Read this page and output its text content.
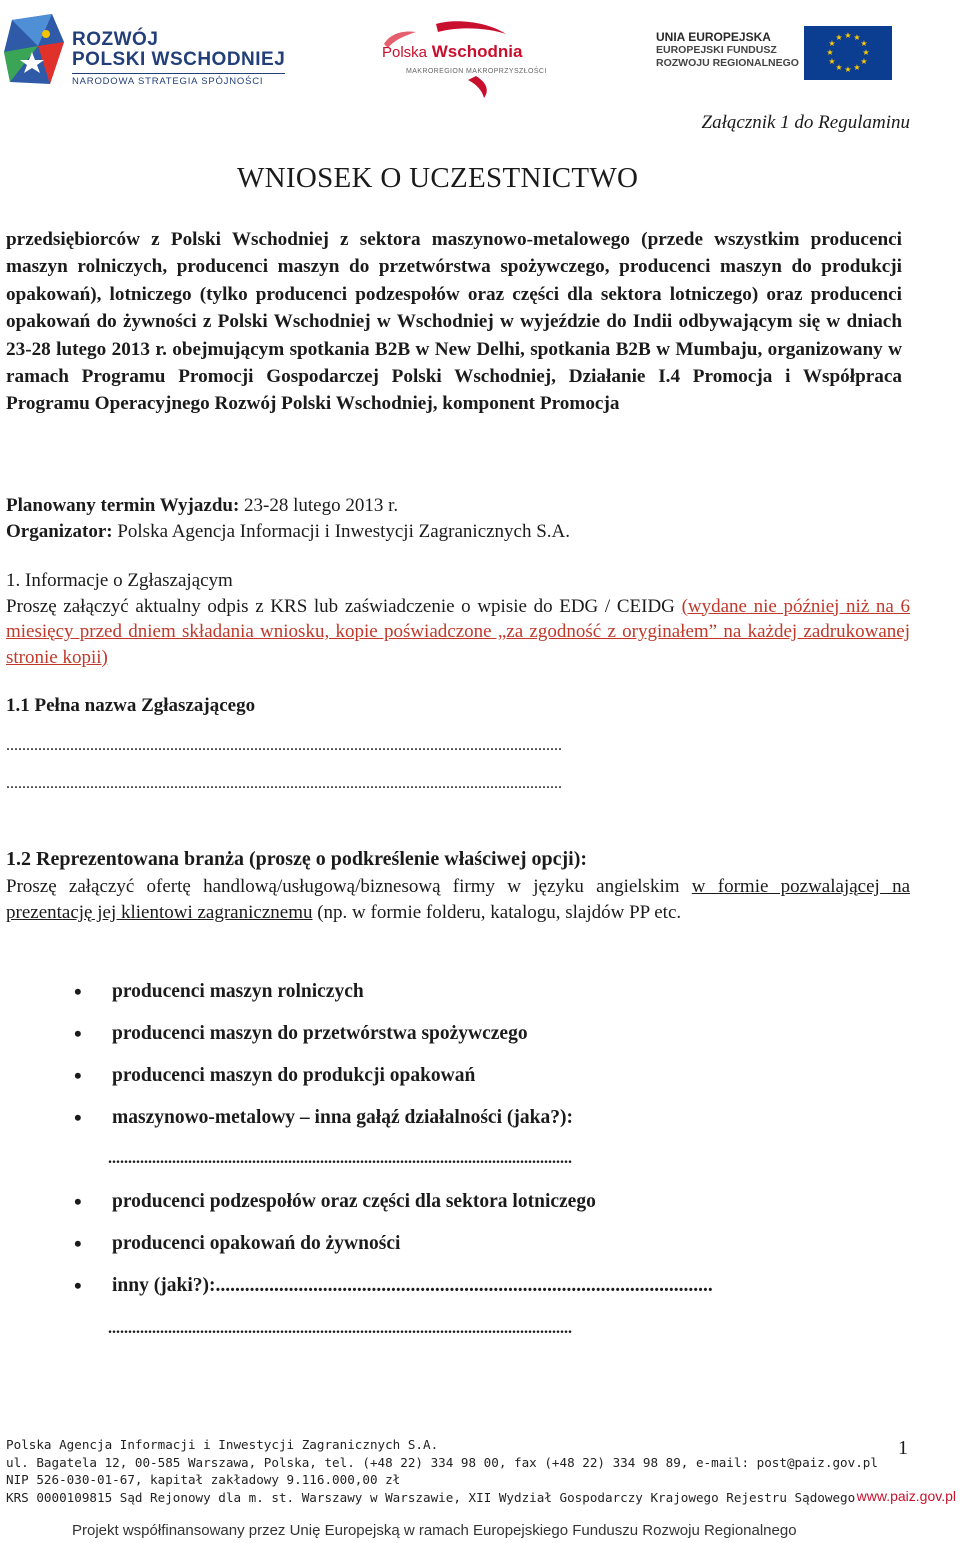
ROZWÓJ
POLSKI WSCHODNIEJ
NARODOWA STRATEGIA SPÓJNOŚCI
Polska Wschodnia
MAKROREGION MAKROPRZYSZŁOŚCI
UNIA EUROPEJSKA
EUROPEJSKI FUNDUSZ
ROZWOJU REGIONALNEGO
★ ★
★
★
★
★
★
★
★
★
★
★
Załącznik 1 do Regulaminu
WNIOSEK O UCZESTNICTWO
przedsiębiorców z Polski Wschodniej z sektora maszynowo-metalowego (przede wszystkim producenci maszyn rolniczych, producenci maszyn do przetwórstwa spożywczego, producenci maszyn do produkcji opakowań), lotniczego (tylko producenci podzespołów oraz części dla sektora lotniczego) oraz producenci opakowań do żywności z Polski Wschodniej w Wschodniej w wyjeździe do Indii odbywającym się w dniach 23-28 lutego 2013 r. obejmującym spotkania B2B w New Delhi, spotkania B2B w Mumbaju, organizowany w ramach Programu Promocji Gospodarczej Polski Wschodniej, Działanie I.4 Promocja i Współpraca Programu Operacyjnego Rozwój Polski Wschodniej, komponent Promocja
Planowany termin Wyjazdu: 23-28 lutego 2013 r.
Organizator: Polska Agencja Informacji i Inwestycji Zagranicznych S.A.
1. Informacje o Zgłaszającym
Proszę załączyć aktualny odpis z KRS lub zaświadczenie o wpisie do EDG / CEIDG (wydane nie później niż na 6 miesięcy przed dniem składania wniosku, kopie poświadczone „za zgodność z oryginałem” na każdej zadrukowanej stronie kopii)
1.1 Pełna nazwa Zgłaszającego
...........................................................................................................................................
...........................................................................................................................................
1.2 Reprezentowana branża (proszę o podkreślenie właściwej opcji):
Proszę załączyć ofertę handlową/usługową/biznesową firmy w języku angielskim w formie pozwalającej na prezentację jej klientowi zagranicznemu (np. w formie folderu, katalogu, slajdów PP etc.
• producenci maszyn rolniczych
• producenci maszyn do przetwórstwa spożywczego
• producenci maszyn do produkcji opakowań
• maszynowo-metalowy – inna gałąź działalności (jaka?):
• producenci podzespołów oraz części dla sektora lotniczego
• producenci opakowań do żywności
• inny (jaki?):......................................................................................................
....................................................................................................................
....................................................................................................................
Polska Agencja Informacji i Inwestycji Zagranicznych S.A.
ul. Bagatela 12, 00-585 Warszawa, Polska, tel. (+48 22) 334 98 00, fax (+48 22) 334 98 89, e-mail: post@paiz.gov.pl
NIP 526-030-01-67, kapitał zakładowy 9.116.000,00 zł
KRS 0000109815 Sąd Rejonowy dla m. st. Warszawy w Warszawie, XII Wydział Gospodarczy Krajowego Rejestru Sądowego
1
www.paiz.gov.pl
Projekt współfinansowany przez Unię Europejską w ramach Europejskiego Funduszu Rozwoju Regionalnego
